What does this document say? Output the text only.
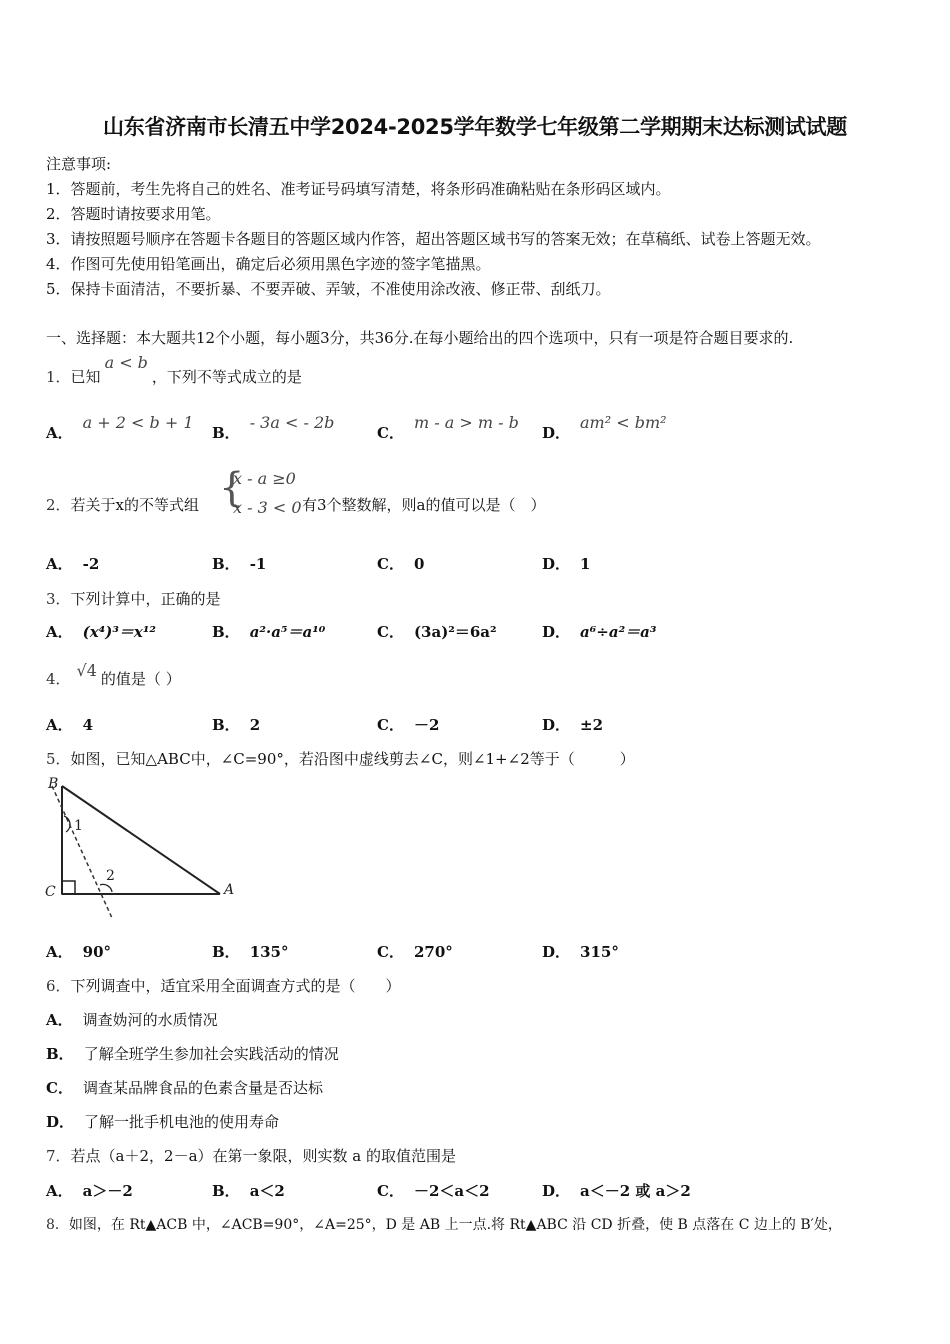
山东省济南市长清五中学2024-2025学年数学七年级第二学期期末达标测试试题
注意事项:
1．答题前，考生先将自己的姓名、准考证号码填写清楚，将条形码准确粘贴在条形码区域内。
2．答题时请按要求用笔。
3．请按照题号顺序在答题卡各题目的答题区域内作答，超出答题区域书写的答案无效；在草稿纸、试卷上答题无效。
4．作图可先使用铅笔画出，确定后必须用黑色字迹的签字笔描黑。
5．保持卡面清洁，不要折暴、不要弄破、弄皱，不准使用涂改液、修正带、刮纸刀。
一、选择题：本大题共12个小题，每小题3分，共36分.在每小题给出的四个选项中，只有一项是符合题目要求的.
1．已知a < b，下列不等式成立的是
A．a + 2 < b + 1
B．- 3a < - 2b
C．m - a > m - b
D．am² < bm²
2．若关于x的不等式组 {
x - a ≥0
x - 3 < 0 有3个整数解，则a的值可以是（　）
A． -2	B． -1	C． 0	D． 1
3．下列计算中，正确的是
A． (x⁴)³＝x¹²	B． a²·a⁵＝a¹⁰	C． (3a)²＝6a²	D． a⁶÷a²＝a³
4． √4 的值是（ ）
A． 4	B． 2	C． －2	D． ±2
5．如图，已知△ABC中，∠C=90°，若沿图中虚线剪去∠C，则∠1+∠2等于（　　　）
B
C	A
1
2
A． 90°	B． 135°	C． 270°	D． 315°
6．下列调查中，适宜采用全面调查方式的是（　　）
A． 调查妫河的水质情况
B． 了解全班学生参加社会实践活动的情况
C． 调查某品牌食品的色素含量是否达标
D． 了解一批手机电池的使用寿命
7．若点（a＋2，2－a）在第一象限，则实数 a 的取值范围是
A． a＞－2	B． a＜2	C． －2＜a＜2	D． a＜－2 或 a＞2
8．如图，在 Rt▲ACB 中，∠ACB=90°，∠A=25°，D 是 AB 上一点.将 Rt▲ABC 沿 CD 折叠，使 B 点落在 C 边上的 B′处，
